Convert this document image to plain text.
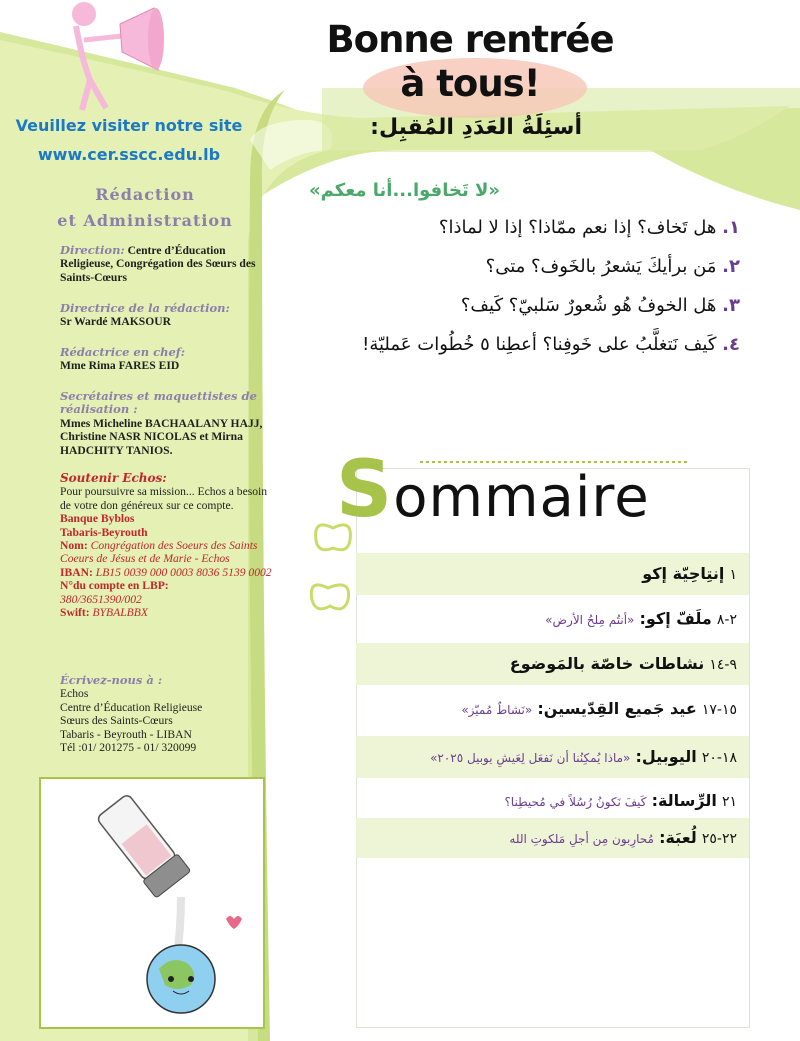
Bonne rentrée
à tous!
Veuillez visiter notre site
www.cer.sscc.edu.lb
Rédaction
et Administration
Direction: Centre d’Éducation Religieuse, Congrégation des Sœurs des Saints-Cœurs
Directrice de la rédaction:
Sr Wardé MAKSOUR
Rédactrice en chef:
Mme Rima FARES EID
Secrétaires et maquettistes de réalisation :
Mmes Micheline BACHAALANY HAJJ, Christine NASR NICOLAS et Mirna HADCHITY TANIOS.
Soutenir Echos:
Pour poursuivre sa mission... Echos a besoin de votre don généreux sur ce compte.
Banque Byblos
Tabaris-Beyrouth
Nom: Congrégation des Soeurs des Saints Coeurs de Jésus et de Marie - Echos
IBAN: LB15 0039 000 0003 8036 5139 0002
N°du compte en LBP:
380/3651390/002
Swift: BYBALBBX
Écrivez-nous à :
Echos
Centre d’Éducation Religieuse
Sœurs des Saints-Cœurs
Tabaris - Beyrouth - LIBAN
Tél :01/ 201275 - 01/ 320099
أسئِلَةُ العَدَدِ المُقبِل:
«لا تَخافوا...أنا معكم»
١. هل تَخاف؟ إذا نعم ممّاذا؟ إذا لا لماذا؟
٢. مَن برأيكَ يَشعرُ بالخَوف؟ متى؟
٣. هَل الخوفُ هُو شُعورٌ سَلبيّ؟ كَيف؟
٤. كَيف نَتغلَّبُ على خَوفِنا؟ أعطِنا ٥ خُطُوات عَمليّة!
Sommaire
١ إنتِاحِيّة إكو
٢-٨ ملَفّ إكو: «أنتُم مِلحُ الأرض»
٩-١٤ نشاطات خاصّة بالمَوضوع
١٥-١٧ عيد جَميع القِدّيسين: «نَشاطٌ مُميّز»
١٨-٢٠ اليوبيل: «ماذا يُمكِنُنا أن نَفعَل لِعَيشِ يوبيل ٢٠٢٥»
٢١ الرِّسالة: كَيفَ نَكونُ رُسُلاً في مُحيطِنا؟
٢٢-٢٥ لُعبَة: مُحارِبون مِن أجلِ مَلكوتِ الله
